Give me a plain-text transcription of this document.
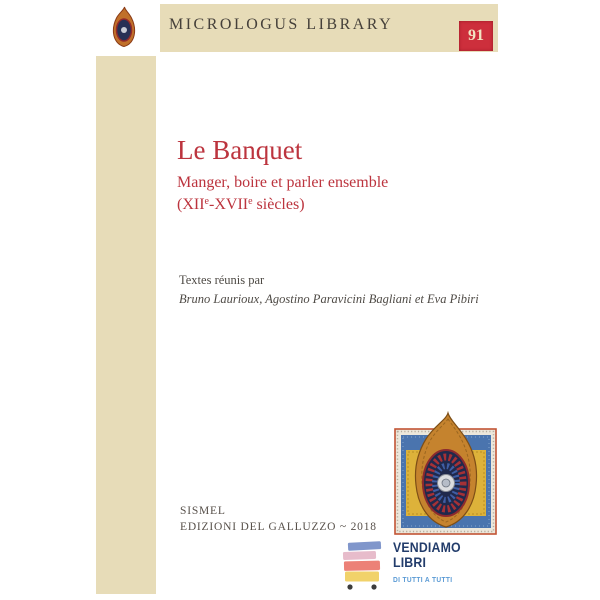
MICROLOGUS LIBRARY
91
Le Banquet
Manger, boire et parler ensemble
(XIIe-XVIIe siècles)
Textes réunis par
Bruno Laurioux, Agostino Paravicini Bagliani et Eva Pibiri
SISMEL
EDIZIONI DEL GALLUZZO ~ 2018
VENDIAMO
LIBRI
DI TUTTI A TUTTI
